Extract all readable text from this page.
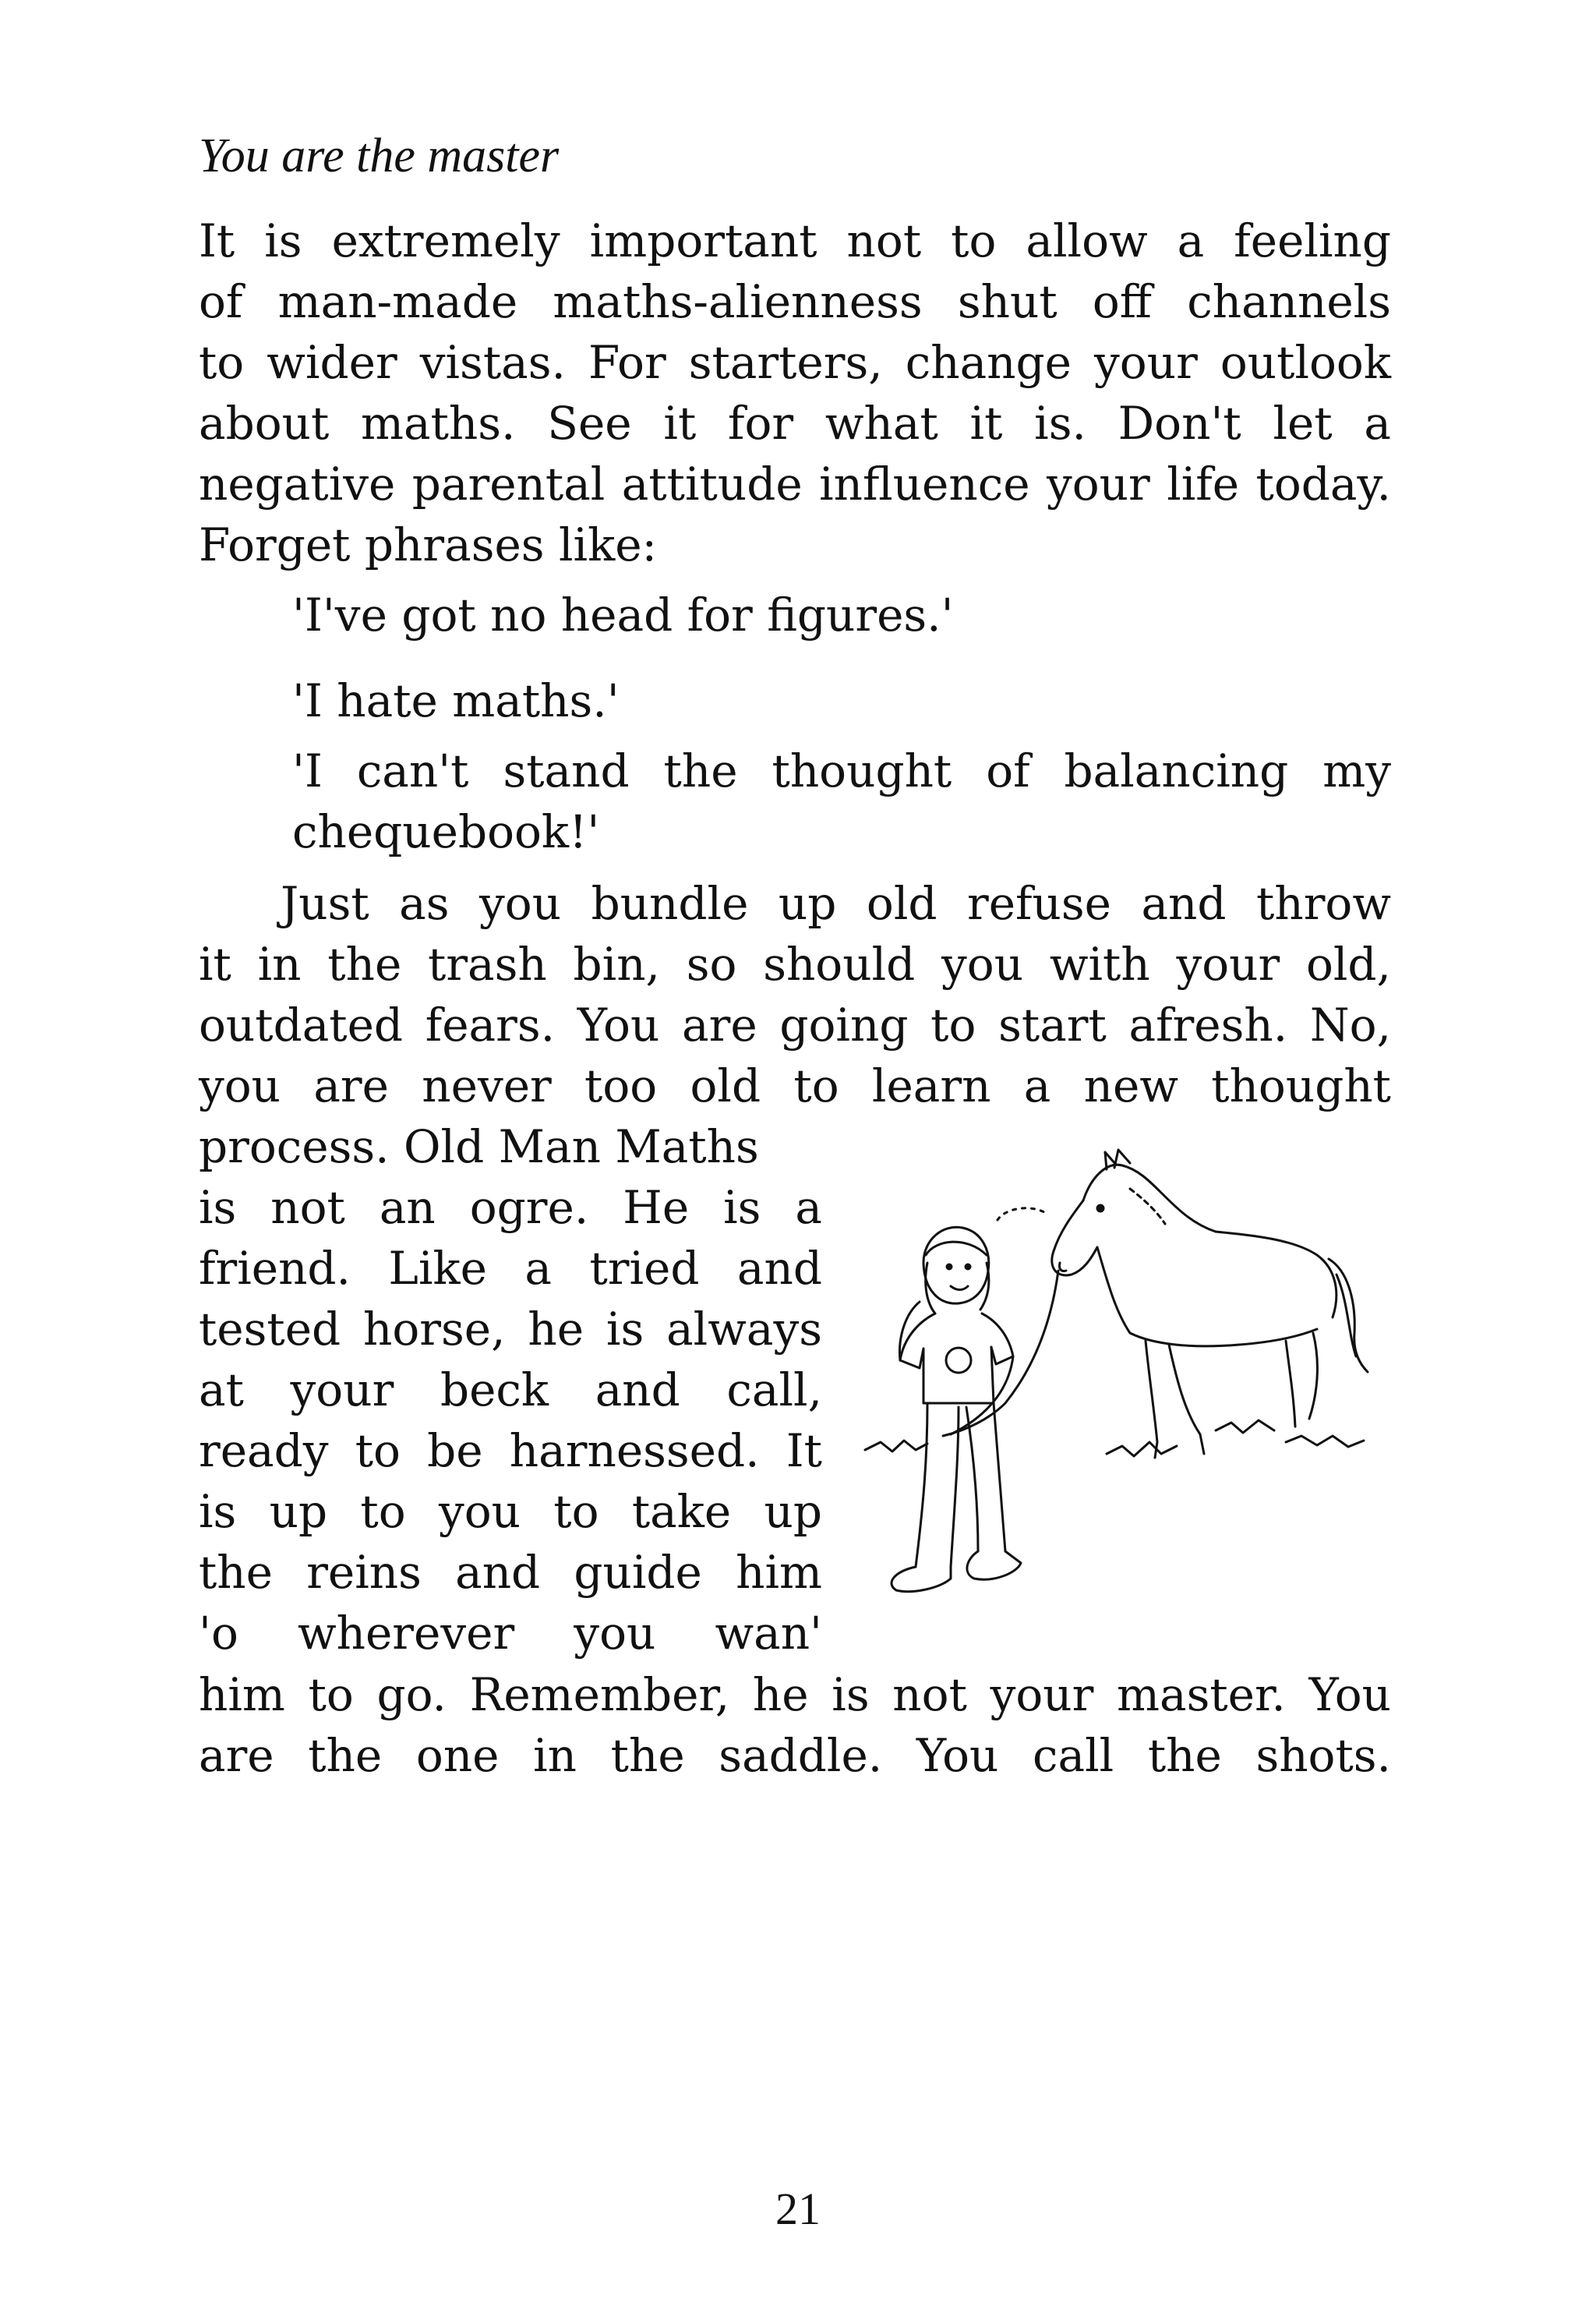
You are the master
It is extremely important not to allow a feeling
of man-made maths-alienness shut off channels
to wider vistas. For starters, change your outlook
about maths. See it for what it is. Don't let a
negative parental attitude influence your life today.
Forget phrases like:
'I've got no head for figures.'
'I hate maths.'
'I can't stand the thought of balancing my
chequebook!'
Just as you bundle up old refuse and throw
it in the trash bin, so should you with your old,
outdated fears. You are going to start afresh. No,
you are never too old to learn a new thought
process. Old Man Maths
is not an ogre. He is a
friend. Like a tried and
tested horse, he is always
at your beck and call,
ready to be harnessed. It
is up to you to take up
the reins and guide him
'o wherever you wan'
him to go. Remember, he is not your master. You
are the one in the saddle. You call the shots.
21
